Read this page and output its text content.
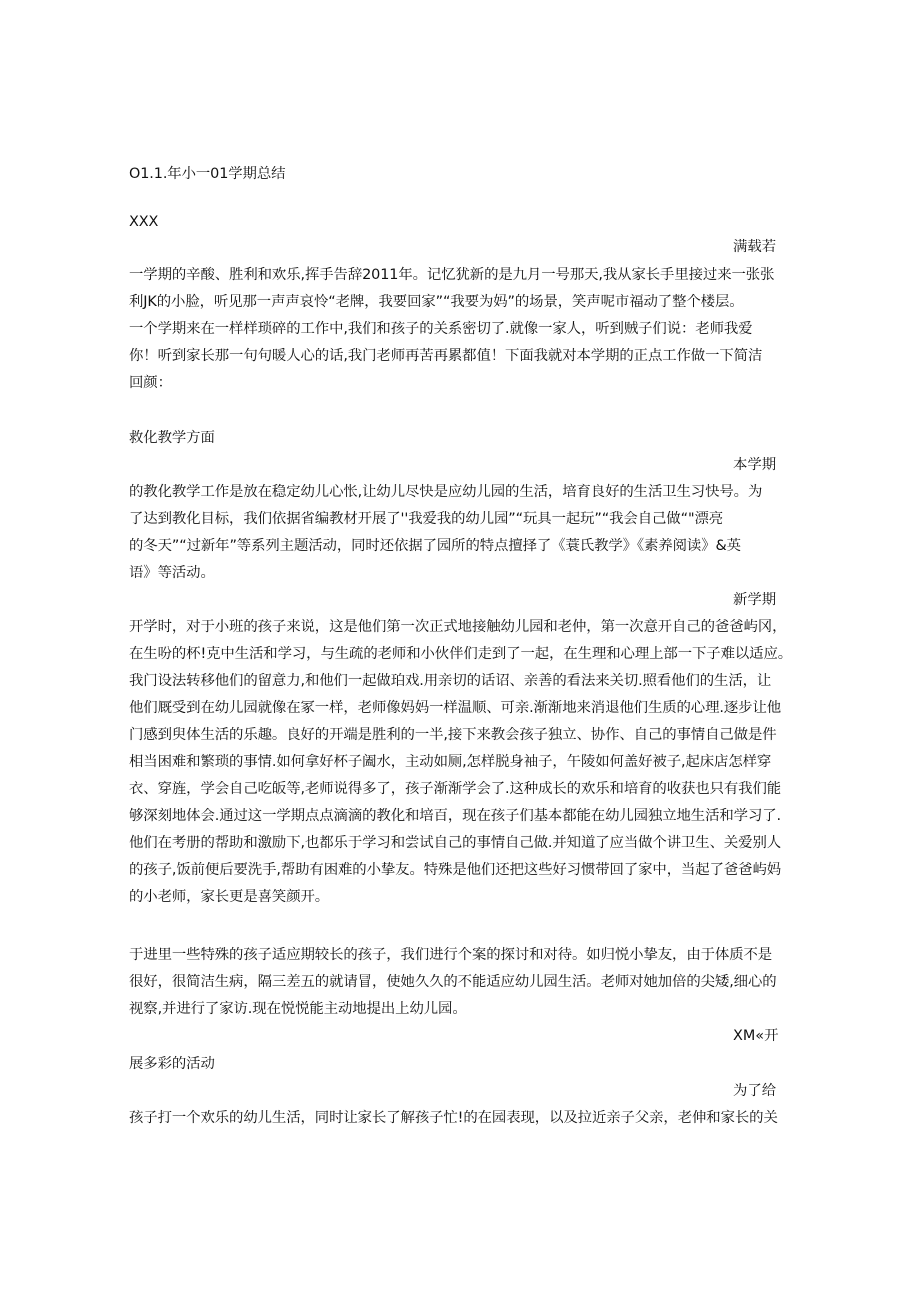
O1.1.年小一01学期总结

XXX

满载若

一学期的辛酸、胜利和欢乐,挥手告辞2011年。记忆犹新的是九月一号那天,我从家长手里接过来一张张

利JK的小脸，听见那一声声哀怜“老牌，我要回家”“我要为妈”的场景，笑声呢市福动了整个楼层。

一个学期来在一样样琐碎的工作中,我们和孩子的关系密切了.就像一家人，听到贼子们说：老师我爱

你！听到家长那一句句暖人心的话,我门老师再苦再累都值！下面我就对本学期的正点工作做一下简洁

回颜：

救化教学方面

本学期

的教化教学工作是放在稳定幼儿心怅,让幼儿尽快是应幼儿园的生活，培育良好的生活卫生习快号。为

了达到教化目标，我们依据省编教材开展了''我爱我的幼儿园”“玩具一起玩”“我会自己做“"漂亮

的冬天”“过新年”等系列主题活动，同时还依据了园所的特点擅择了《蓑氏教学》《素养阅读》&英

语》等活动。

新学期

开学时，对于小班的孩子来说，这是他们第一次正式地接触幼儿园和老仲，第一次意开自己的爸爸屿冈，

在生吩的杯!克中生活和学习，与生疏的老师和小伙伴们走到了一起，在生理和心理上部一下子难以适应。

我门设法转移他们的留意力,和他们一起做珀戏.用亲切的话诏、亲善的看法来关切.照看他们的生活，让

他们厩受到在幼儿园就像在冢一样，老师像妈妈一样温顺、可亲.渐渐地来消退他们生质的心理.逐步让他

门感到臾体生活的乐趣。良好的开端是胜利的一半,接下来教会孩子独立、协作、自己的事情自己做是件

相当困难和繁琐的事情.如何拿好杯子阖水，主动如厕,怎样脱身袖子，午陵如何盖好被子,起床店怎样穿

衣、穿旌，学会自己吃皈等,老师说得多了，孩子渐渐学会了.这种成长的欢乐和培育的收获也只有我们能

够深刻地体会.通过这一学期点点滴滴的教化和培百，现在孩子们基本都能在幼儿园独立地生活和学习了.

他们在考册的帮助和激励下,也都乐于学习和尝试自己的事情自己做.并知道了应当做个讲卫生、关爱别人

的孩子,饭前便后要洗手,帮助有困难的小挚友。特殊是他们还把这些好习惯带回了家中，当起了爸爸屿妈

的小老师，家长更是喜笑颜开。

于进里一些特殊的孩子适应期较长的孩子，我们进行个案的探讨和对待。如归悦小挚友，由于体质不是

很好，很简洁生病，隔三差五的就请冒，使她久久的不能适应幼儿园生活。老师对她加倍的尖矮,细心的

视察,并进行了家访.现在悦悦能主动地提出上幼儿园。

XM«开

展多彩的活动

为了给

孩子打一个欢乐的幼儿生活，同时让家长了解孩子忙!的在园表现，以及拉近亲子父亲，老伸和家长的关
